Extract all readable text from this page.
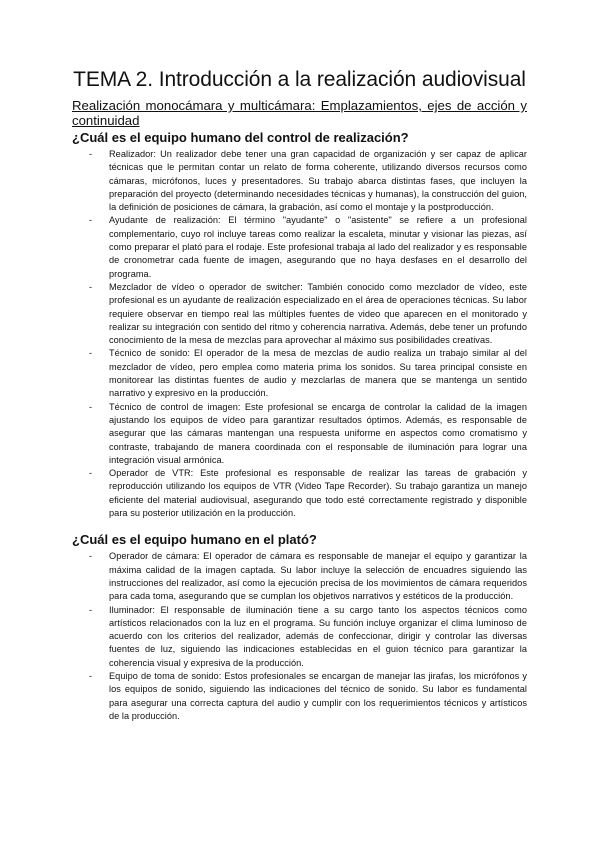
TEMA 2. Introducción a la realización audiovisual
Realización monocámara y multicámara: Emplazamientos, ejes de acción y continuidad
¿Cuál es el equipo humano del control de realización?
- Realizador: Un realizador debe tener una gran capacidad de organización y ser capaz de aplicar técnicas que le permitan contar un relato de forma coherente, utilizando diversos recursos como cámaras, micrófonos, luces y presentadores. Su trabajo abarca distintas fases, que incluyen la preparación del proyecto (determinando necesidades técnicas y humanas), la construcción del guion, la definición de posiciones de cámara, la grabación, así como el montaje y la postproducción.
- Ayudante de realización: El término "ayudante" o "asistente" se refiere a un profesional complementario, cuyo rol incluye tareas como realizar la escaleta, minutar y visionar las piezas, así como preparar el plató para el rodaje. Este profesional trabaja al lado del realizador y es responsable de cronometrar cada fuente de imagen, asegurando que no haya desfases en el desarrollo del programa.
- Mezclador de vídeo o operador de switcher: También conocido como mezclador de vídeo, este profesional es un ayudante de realización especializado en el área de operaciones técnicas. Su labor requiere observar en tiempo real las múltiples fuentes de video que aparecen en el monitorado y realizar su integración con sentido del ritmo y coherencia narrativa. Además, debe tener un profundo conocimiento de la mesa de mezclas para aprovechar al máximo sus posibilidades creativas.
- Técnico de sonido: El operador de la mesa de mezclas de audio realiza un trabajo similar al del mezclador de vídeo, pero emplea como materia prima los sonidos. Su tarea principal consiste en monitorear las distintas fuentes de audio y mezclarlas de manera que se mantenga un sentido narrativo y expresivo en la producción.
- Técnico de control de imagen: Este profesional se encarga de controlar la calidad de la imagen ajustando los equipos de vídeo para garantizar resultados óptimos. Además, es responsable de asegurar que las cámaras mantengan una respuesta uniforme en aspectos como cromatismo y contraste, trabajando de manera coordinada con el responsable de iluminación para lograr una integración visual armónica.
- Operador de VTR: Este profesional es responsable de realizar las tareas de grabación y reproducción utilizando los equipos de VTR (Video Tape Recorder). Su trabajo garantiza un manejo eficiente del material audiovisual, asegurando que todo esté correctamente registrado y disponible para su posterior utilización en la producción.
¿Cuál es el equipo humano en el plató?
- Operador de cámara: El operador de cámara es responsable de manejar el equipo y garantizar la máxima calidad de la imagen captada. Su labor incluye la selección de encuadres siguiendo las instrucciones del realizador, así como la ejecución precisa de los movimientos de cámara requeridos para cada toma, asegurando que se cumplan los objetivos narrativos y estéticos de la producción.
- Iluminador: El responsable de iluminación tiene a su cargo tanto los aspectos técnicos como artísticos relacionados con la luz en el programa. Su función incluye organizar el clima luminoso de acuerdo con los criterios del realizador, además de confeccionar, dirigir y controlar las diversas fuentes de luz, siguiendo las indicaciones establecidas en el guion técnico para garantizar la coherencia visual y expresiva de la producción.
- Equipo de toma de sonido: Estos profesionales se encargan de manejar las jirafas, los micrófonos y los equipos de sonido, siguiendo las indicaciones del técnico de sonido. Su labor es fundamental para asegurar una correcta captura del audio y cumplir con los requerimientos técnicos y artísticos de la producción.
